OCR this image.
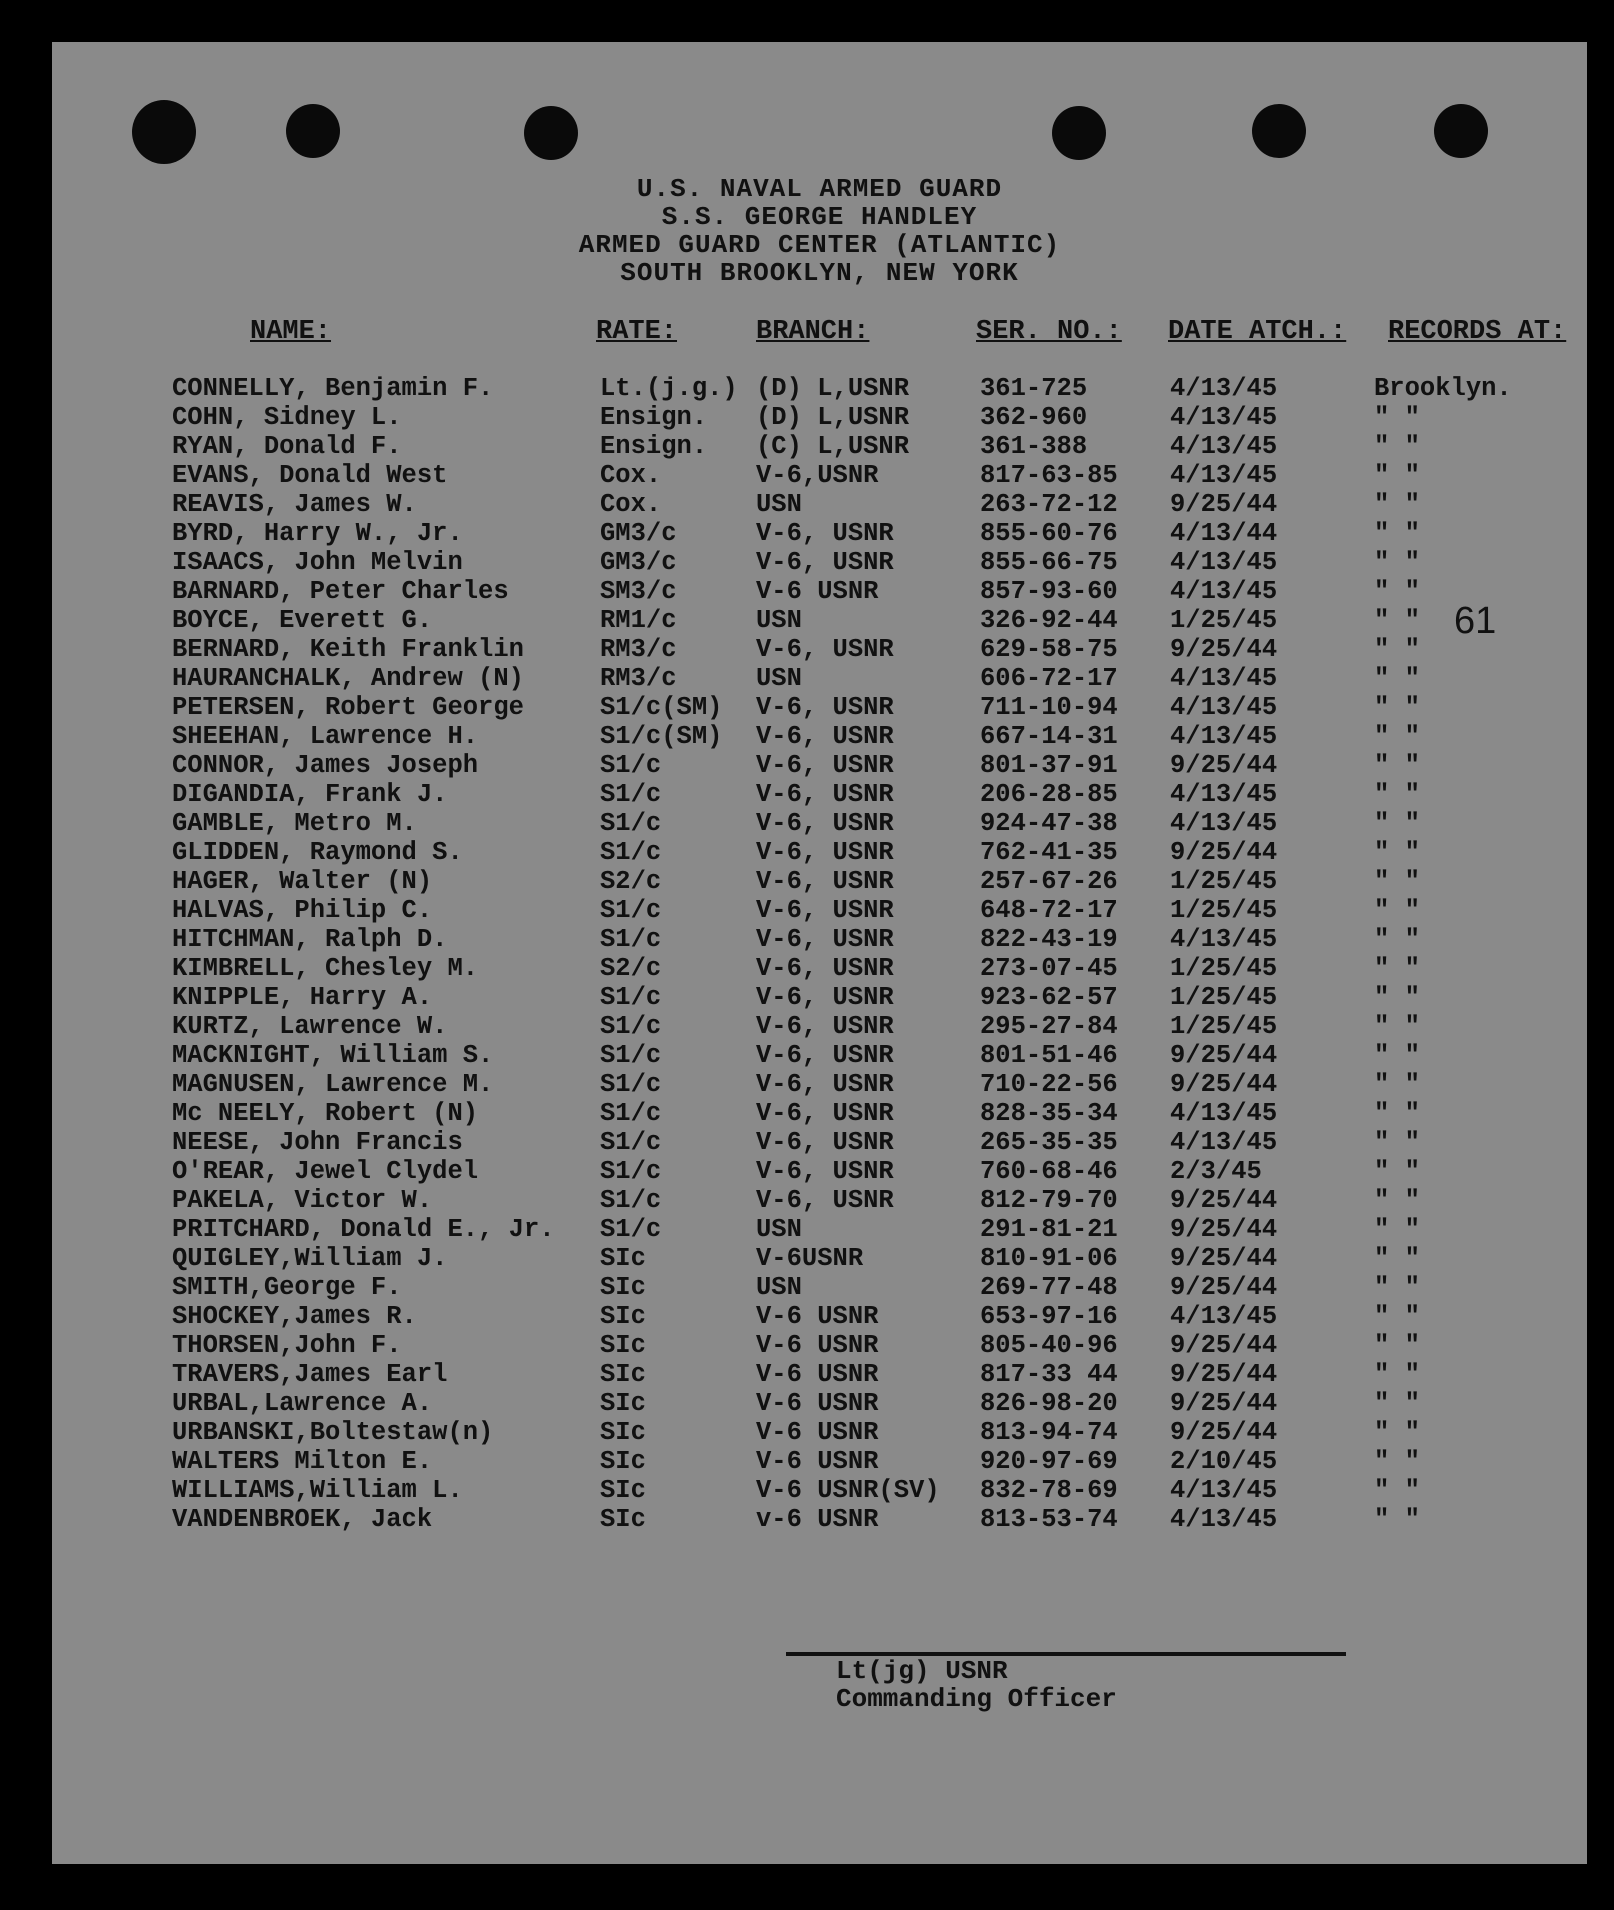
U.S. NAVAL ARMED GUARD
S.S. GEORGE HANDLEY
ARMED GUARD CENTER (ATLANTIC)
SOUTH BROOKLYN, NEW YORK
NAME:	RATE:	BRANCH:	SER. NO.: DATE ATCH.: RECORDS AT:
CONNELLY, Benjamin F.	Lt.(j.g.) (D) L,USNR	361-725	4/13/45	Brooklyn.
COHN, Sidney L.	Ensign. (D) L,USNR	362-960	4/13/45	" "
RYAN, Donald F.	Ensign. (C) L,USNR	361-388	4/13/45	" "
EVANS, Donald West	Cox.	V-6,USNR	817-63-85 4/13/45	" "
REAVIS, James W.	Cox.	USN	263-72-12 9/25/44	" "
BYRD, Harry W., Jr.	GM3/c	V-6, USNR	855-60-76 4/13/44	" "
ISAACS, John Melvin	GM3/c	V-6, USNR	855-66-75 4/13/45	" "
BARNARD, Peter Charles	SM3/c	V-6 USNR	857-93-60 4/13/45	" "
BOYCE, Everett G.	RM1/c	USN	326-92-44 1/25/45	" "
BERNARD, Keith Franklin	RM3/c	V-6, USNR	629-58-75 9/25/44	" "
HAURANCHALK, Andrew (N)	RM3/c	USN	606-72-17 4/13/45	" "
PETERSEN, Robert George	S1/c(SM) V-6, USNR	711-10-94 4/13/45	" "
SHEEHAN, Lawrence H.	S1/c(SM) V-6, USNR	667-14-31 4/13/45	" "
CONNOR, James Joseph	S1/c	V-6, USNR	801-37-91 9/25/44	" "
DIGANDIA, Frank J.	S1/c	V-6, USNR	206-28-85 4/13/45	" "
GAMBLE, Metro M.	S1/c	V-6, USNR	924-47-38 4/13/45	" "
GLIDDEN, Raymond S.	S1/c	V-6, USNR	762-41-35 9/25/44	" "
HAGER, Walter (N)	S2/c	V-6, USNR	257-67-26 1/25/45	" "
HALVAS, Philip C.	S1/c	V-6, USNR	648-72-17 1/25/45	" "
HITCHMAN, Ralph D.	S1/c	V-6, USNR	822-43-19 4/13/45	" "
KIMBRELL, Chesley M.	S2/c	V-6, USNR	273-07-45 1/25/45	" "
KNIPPLE, Harry A.	S1/c	V-6, USNR	923-62-57 1/25/45	" "
KURTZ, Lawrence W.	S1/c	V-6, USNR	295-27-84 1/25/45	" "
MACKNIGHT, William S.	S1/c	V-6, USNR	801-51-46 9/25/44	" "
MAGNUSEN, Lawrence M.	S1/c	V-6, USNR	710-22-56 9/25/44	" "
Mc NEELY, Robert (N)	S1/c	V-6, USNR	828-35-34 4/13/45	" "
NEESE, John Francis	S1/c	V-6, USNR	265-35-35 4/13/45	" "
O'REAR, Jewel Clydel	S1/c	V-6, USNR	760-68-46 2/3/45	" "
PAKELA, Victor W.	S1/c	V-6, USNR	812-79-70 9/25/44	" "
PRITCHARD, Donald E., Jr. S1/c	USN	291-81-21 9/25/44	" "
QUIGLEY,William J.	SIc	V-6USNR	810-91-06 9/25/44	" "
SMITH,George F.	SIc	USN	269-77-48 9/25/44	" "
SHOCKEY,James R.	SIc	V-6 USNR	653-97-16 4/13/45	" "
THORSEN,John F.	SIc	V-6 USNR	805-40-96 9/25/44	" "
TRAVERS,James Earl	SIc	V-6 USNR	817-33 44 9/25/44	" "
URBAL,Lawrence A.	SIc	V-6 USNR	826-98-20 9/25/44	" "
URBANSKI,Boltestaw(n)	SIc	V-6 USNR	813-94-74 9/25/44	" "
WALTERS Milton E.	SIc	V-6 USNR	920-97-69 2/10/45	" "
WILLIAMS,William L.	SIc	V-6 USNR(SV) 832-78-69 4/13/45	" "
VANDENBROEK, Jack	SIc	v-6 USNR	813-53-74 4/13/45	" "
61
Lt(jg) USNR
Commanding Officer
